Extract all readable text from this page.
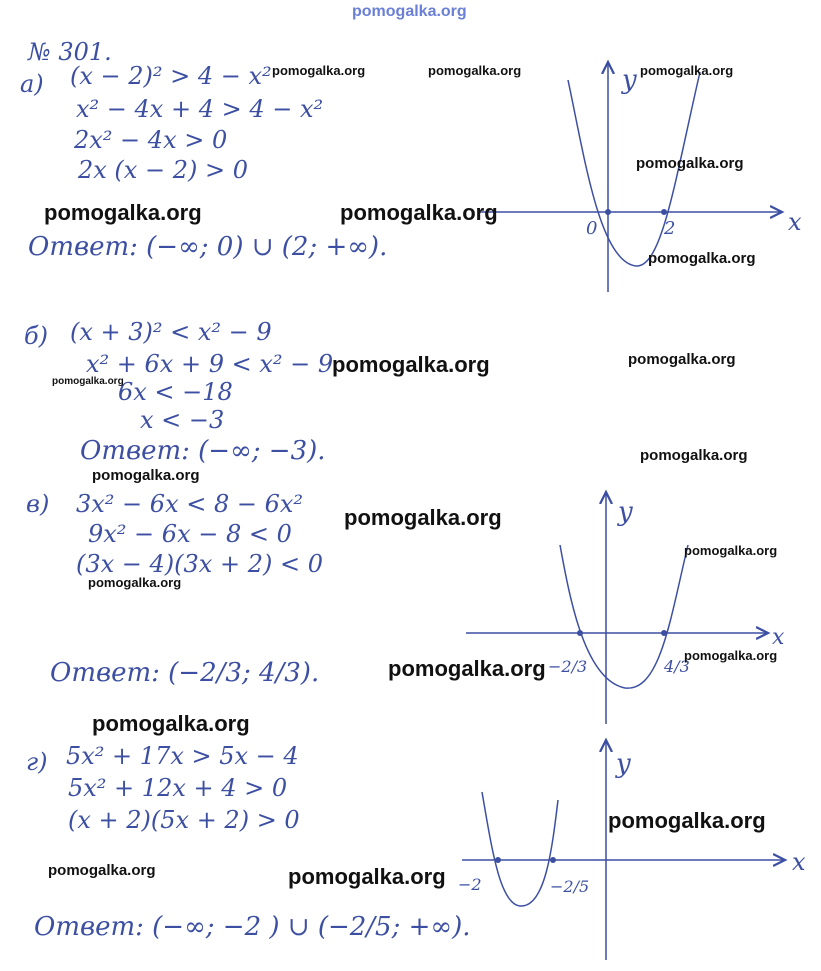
pomogalka.org
№ 301.
а) (x − 2)² > 4 − x²
x² − 4x + 4 > 4 − x²
2x² − 4x > 0
2x (x − 2) > 0
Ответ: (−∞; 0) ∪ (2; +∞).
б) (x + 3)² < x² − 9
x² + 6x + 9 < x² − 9
6x < −18
x < −3
Ответ: (−∞; −3).
в) 3x² − 6x < 8 − 6x²
9x² − 6x − 8 < 0
(3x − 4)(3x + 2) < 0
Ответ: (−2/3; 4/3).
г) 5x² + 17x > 5x − 4
5x² + 12x + 4 > 0
(x + 2)(5x + 2) > 0
Ответ: (−∞; −2 ) ∪ (−2/5; +∞).
y
x
0	2
y
x
−2/3	4/3
y
x
−2	−2/5
pomogalka.org	pomogalka.org	pomogalka.org
pomogalka.org
pomogalka.org	pomogalka.org
pomogalka.org
pomogalka.org	pomogalka.org
pomogalka.org
pomogalka.org
pomogalka.org
pomogalka.org
pomogalka.org
pomogalka.org
pomogalka.org
pomogalka.org
pomogalka.org
pomogalka.org
pomogalka.org	pomogalka.org
